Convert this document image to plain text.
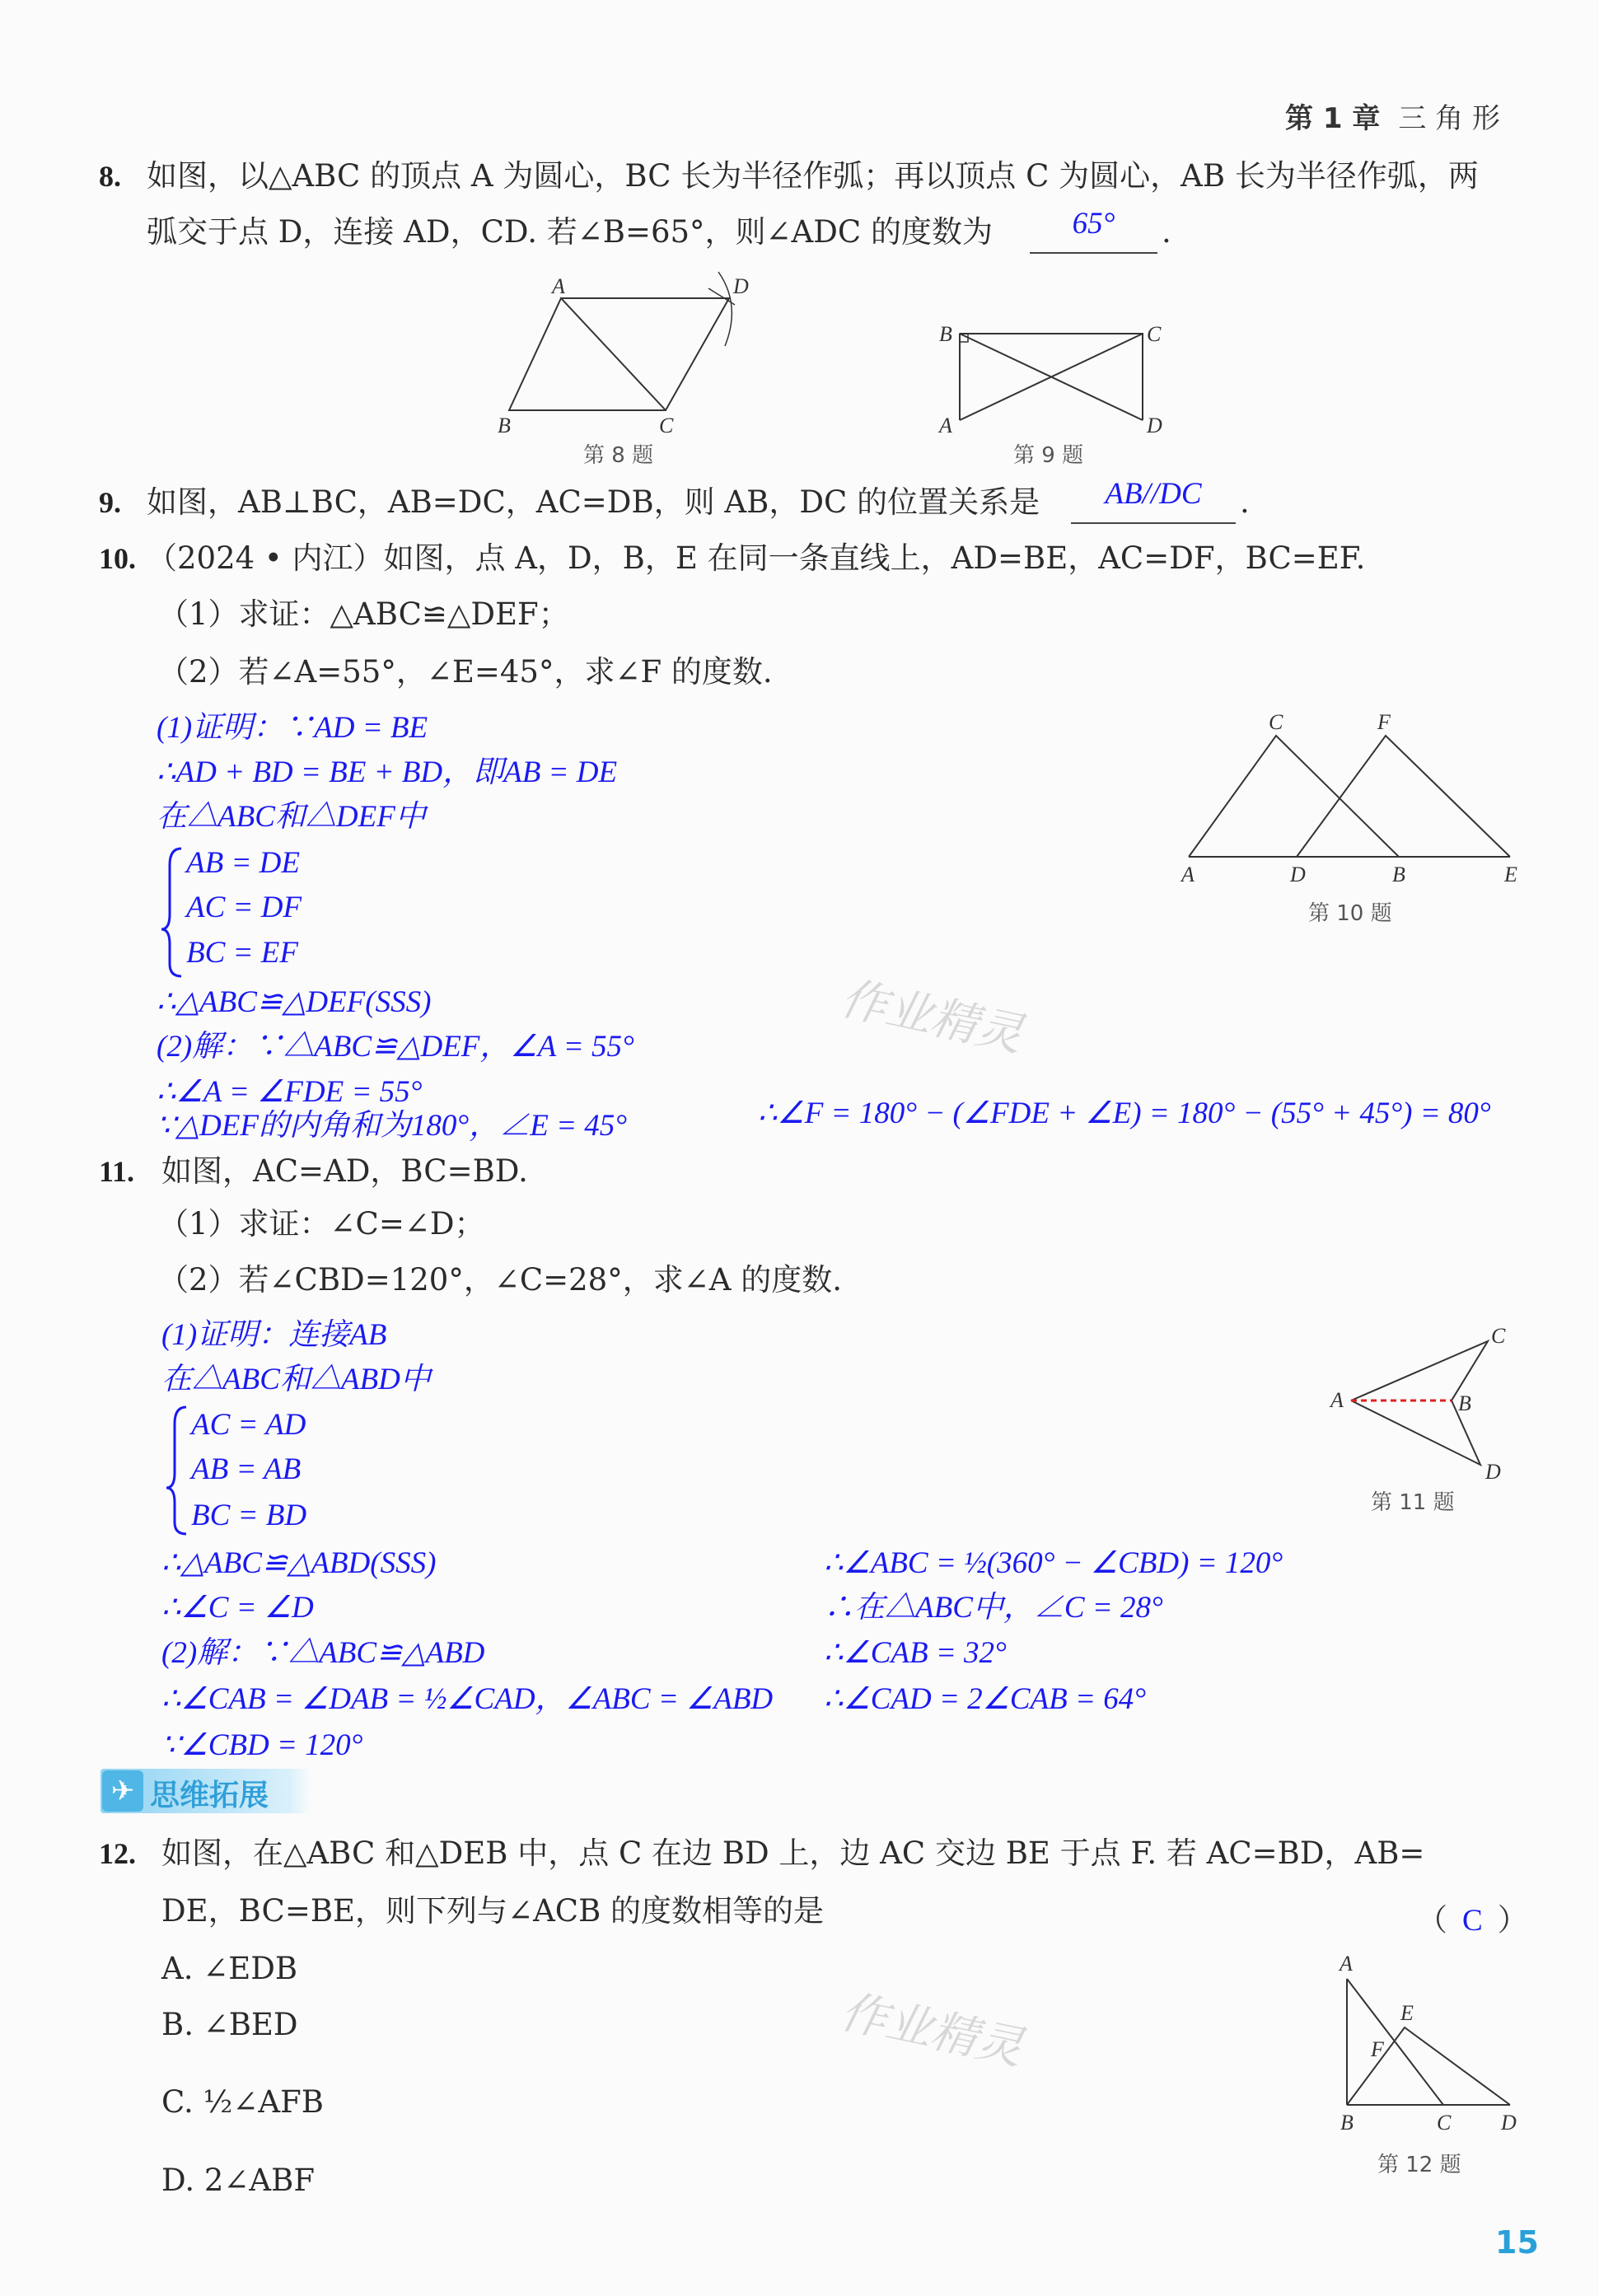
第 1 章 三 角 形
作业精灵
作业精灵
8. 如图，以△ABC 的顶点 A 为圆心，BC 长为半径作弧；再以顶点 C 为圆心，AB 长为半径作弧，两
弧交于点 D，连接 AD，CD. 若∠B=65°，则∠ADC 的度数为	65°	.
A
B	C
D
B	C
A	D
A	D	B	E
C	F
A	B
C
D
A
B	C D
E
F
第 8 题	第 9 题
第 10 题
第 11 题
第 12 题
9. 如图，AB⊥BC，AB=DC，AC=DB，则 AB，DC 的位置关系是	AB//DC	.
10. （2024 • 内江）如图，点 A，D，B，E 在同一条直线上，AD=BE，AC=DF，BC=EF.
（1）求证：△ABC≌△DEF；
（2）若∠A=55°，∠E=45°，求∠F 的度数.
(1)证明：∵AD = BE
∴AD + BD = BE + BD，即AB = DE
在△ABC和△DEF中
AB = DE
AC = DF
BC = EF
∴△ABC≌△DEF(SSS)
(2)解：∵△ABC≌△DEF，∠A = 55°
∴∠A = ∠FDE = 55°
∵△DEF的内角和为180°，∠E = 45°	∴∠F = 180° − (∠FDE + ∠E) = 180° − (55° + 45°) = 80°
11. 如图，AC=AD，BC=BD.
（1）求证：∠C=∠D；
（2）若∠CBD=120°，∠C=28°，求∠A 的度数.
(1)证明：连接AB
在△ABC和△ABD中
AC = AD
AB = AB
BC = BD
∴△ABC≌△ABD(SSS)
∴∠C = ∠D
(2)解：∵△ABC≌△ABD
∴∠CAB = ∠DAB = ½∠CAD，∠ABC = ∠ABD
∵∠CBD = 120°
∴∠ABC = ½(360° − ∠CBD) = 120°
∴在△ABC中，∠C = 28°
∴∠CAB = 32°
∴∠CAD = 2∠CAB = 64°
✈ 思维拓展
12. 如图，在△ABC 和△DEB 中，点 C 在边 BD 上，边 AC 交边 BE 于点 F. 若 AC=BD，AB=
DE，BC=BE，则下列与∠ACB 的度数相等的是	（ C ）
A. ∠EDB
B. ∠BED
C. ½∠AFB
D. 2∠ABF
15
